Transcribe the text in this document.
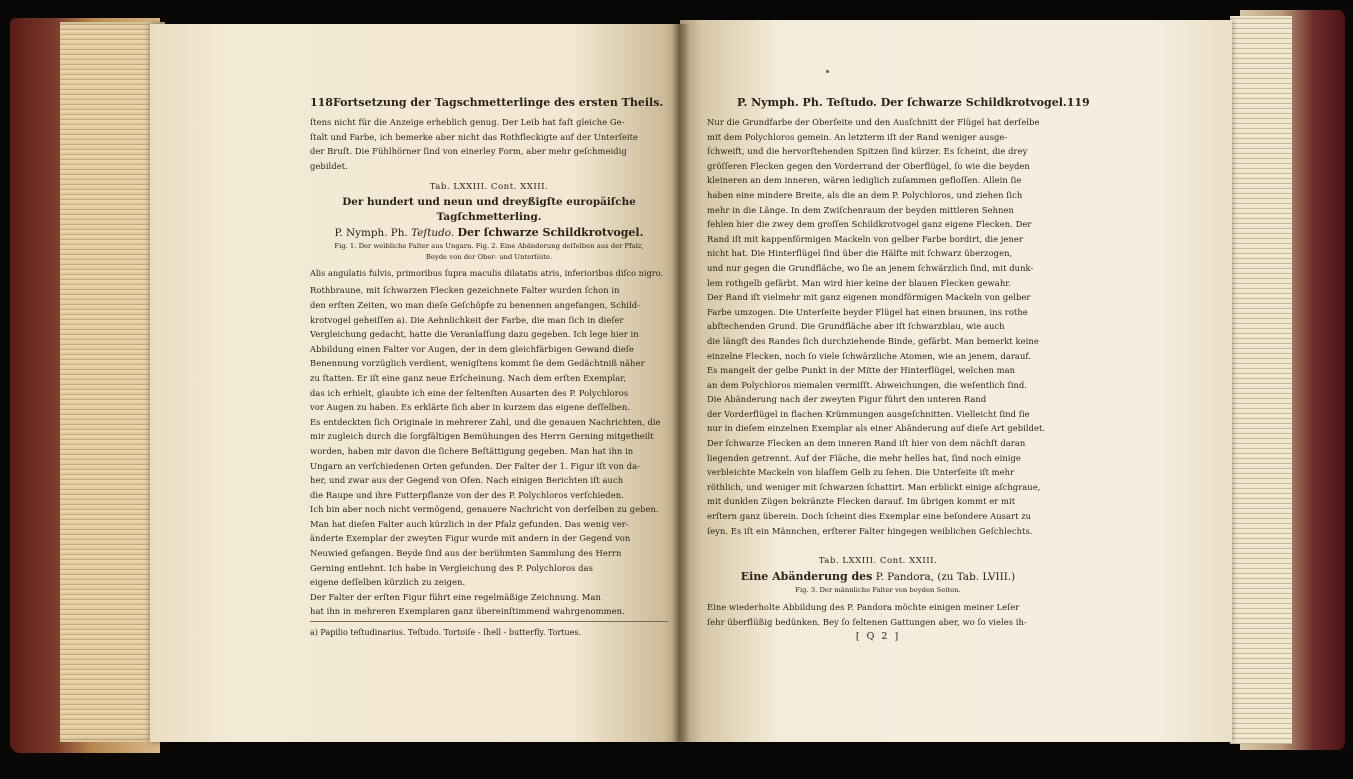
118 Fortsetzung der Tagschmetterlinge des ersten Theils.
ſtens nicht für die Anzeige erheblich genug. Der Leib hat faſt gleiche Ge-
ſtalt und Farbe, ich bemerke aber nicht das Rothfleckigte auf der Unterſeite
der Bruſt. Die Fühlhörner ſind von einerley Form, aber mehr geſchmeidig
gebildet.
Tab. LXXIII. Cont. XXIII.
Der hundert und neun und dreyßigſte europäiſche Tagſchmetterling.
P. Nymph. Ph. Teſtudo. Der ſchwarze Schildkrotvogel.
Fig. 1. Der weibliche Falter aus Ungarn. Fig. 2. Eine Abänderung deſſelben aus der Pfalz,
Beyde von der Ober- und Unterſeite.
Alis angulatis fulvis, primoribus ſupra maculis dilatatis atris, inferioribus diſco nigro.
Rothbraune, mit ſchwarzen Flecken gezeichnete Falter wurden ſchon in
den erſten Zeiten, wo man dieſe Geſchöpfe zu benennen angefangen, Schild-
krotvogel geheiſſen a). Die Aehnlichkeit der Farbe, die man ſich in dieſer
Vergleichung gedacht, hatte die Veranlaſſung dazu gegeben. Ich lege hier in
Abbildung einen Falter vor Augen, der in dem gleichfärbigen Gewand dieſe
Benennung vorzüglich verdient, wenigſtens kommt ſie dem Gedächtniß näher
zu ſtatten. Er iſt eine ganz neue Erſcheinung. Nach dem erſten Exemplar,
das ich erhielt, glaubte ich eine der ſeltenſten Ausarten des P. Polychloros
vor Augen zu haben. Es erklärte ſich aber in kurzem das eigene deſſelben.
Es entdeckten ſich Originale in mehrerer Zahl, und die genauen Nachrichten, die
mir zugleich durch die ſorgfältigen Bemühungen des Herrn Gerning mitgetheilt
worden, haben mir davon die ſichere Beſtättigung gegeben. Man hat ihn in
Ungarn an verſchiedenen Orten gefunden. Der Falter der 1. Figur iſt von da-
her, und zwar aus der Gegend von Ofen. Nach einigen Berichten iſt auch
die Raupe und ihre Futterpflanze von der des P. Polychloros verſchieden.
Ich bin aber noch nicht vermögend, genauere Nachricht von derſelben zu geben.
Man hat dieſen Falter auch kürzlich in der Pfalz gefunden. Das wenig ver-
änderte Exemplar der zweyten Figur wurde mit andern in der Gegend von
Neuwied gefangen. Beyde ſind aus der berühmten Sammlung des Herrn
Gerning entlehnt. Ich habe in Vergleichung des P. Polychloros das
eigene deſſelben kürzlich zu zeigen.
Der Falter der erſten Figur führt eine regelmäßige Zeichnung. Man
hat ihn in mehreren Exemplaren ganz übereinſtimmend wahrgenommen.
a) Papilio teſtudinarius. Teſtudo. Tortoiſe - ſhell - butterfly. Tortues.
P. Nymph. Ph. Teſtudo. Der ſchwarze Schildkrotvogel. 119
Nur die Grundfarbe der Oberſeite und den Ausſchnitt der Flügel hat derſelbe
mit dem Polychloros gemein. An letzterm iſt der Rand weniger ausge-
ſchweift, und die hervorſtehenden Spitzen ſind kürzer. Es ſcheint, die drey
gröſſeren Flecken gegen den Vorderrand der Oberflügel, ſo wie die beyden
kleineren an dem inneren, wären lediglich zuſammen gefloſſen. Allein ſie
haben eine mindere Breite, als die an dem P. Polychloros, und ziehen ſich
mehr in die Länge. In dem Zwiſchenraum der beyden mittleren Sehnen
fehlen hier die zwey dem groſſen Schildkrotvogel ganz eigene Flecken. Der
Rand iſt mit kappenförmigen Mackeln von gelber Farbe bordirt, die jener
nicht hat. Die Hinterflügel ſind über die Hälfte mit ſchwarz überzogen,
und nur gegen die Grundfläche, wo ſie an jenem ſchwärzlich ſind, mit dunk-
lem rothgelb gefärbt. Man wird hier keine der blauen Flecken gewahr.
Der Rand iſt vielmehr mit ganz eigenen mondförmigen Mackeln von gelber
Farbe umzogen. Die Unterſeite beyder Flügel hat einen braunen, ins rothe
abſtechenden Grund. Die Grundfläche aber iſt ſchwarzblau, wie auch
die längſt des Randes ſich durchziehende Binde, gefärbt. Man bemerkt keine
einzelne Flecken, noch ſo viele ſchwärzliche Atomen, wie an jenem, darauf.
Es mangelt der gelbe Punkt in der Mitte der Hinterflügel, welchen man
an dem Polychloros niemalen vermiſſt. Abweichungen, die weſentlich ſind.
Die Abänderung nach der zweyten Figur führt den unteren Rand
der Vorderflügel in flachen Krümmungen ausgeſchnitten. Vielleicht ſind ſie
nur in dieſem einzelnen Exemplar als einer Abänderung auf dieſe Art gebildet.
Der ſchwarze Flecken an dem inneren Rand iſt hier von dem nächſt daran
liegenden getrennt. Auf der Fläche, die mehr helles hat, ſind noch einige
verbleichte Mackeln von blaſſem Gelb zu ſehen. Die Unterſeite iſt mehr
röthlich, und weniger mit ſchwarzen ſchattirt. Man erblickt einige aſchgraue,
mit dunklen Zügen bekränzte Flecken darauf. Im übrigen kommt er mit
erſtern ganz überein. Doch ſcheint dies Exemplar eine beſondere Ausart zu
ſeyn. Es iſt ein Männchen, erſterer Falter hingegen weiblichen Geſchlechts.
Tab. LXXIII. Cont. XXIII.
Eine Abänderung des P. Pandora, (zu Tab. LVIII.)
Fig. 3. Der männliche Falter von beyden Seiten.
Eine wiederholte Abbildung des P. Pandora möchte einigen meiner Leſer
ſehr überflüßig bedünken. Bey ſo ſeltenen Gattungen aber, wo ſo vieles ih-
[ Q 2 ]
